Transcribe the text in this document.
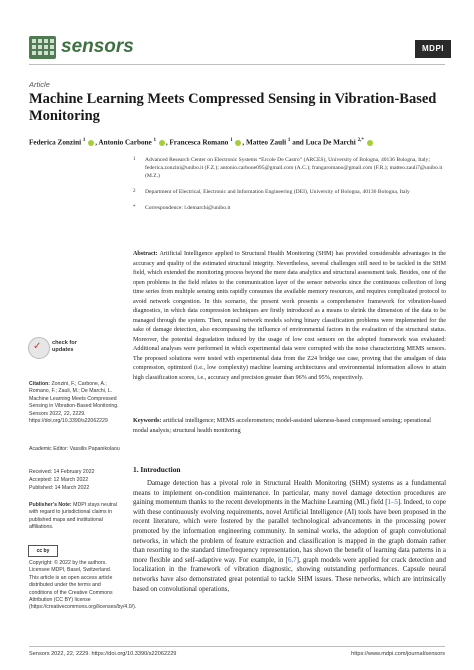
sensors	MDPI
Article
Machine Learning Meets Compressed Sensing in Vibration-Based Monitoring
Federica Zonzini $^1$ , Antonio Carbone $^1$ , Francesca Romano $^1$ , Matteo Zauli $^1$ and Luca De Marchi $^{2,*}$
1	Advanced Research Center on Electronic Systems “Ercole De Castro” (ARCES), University of Bologna, 40136 Bologna, Italy; federica.zonzini@unibo.it (F.Z.); antonio.carbone095@gmail.com (A.C.); frangaromano@gmail.com (F.R.); matteo.zauli7@unibo.it (M.Z.)
2	Department of Electrical, Electronic and Information Engineering (DEI), University of Bologna, 40136 Bologna, Italy
*	Correspondence: l.demarchi@unibo.it
✓ check for updates
Citation: Zonzini, F.; Carbone, A.; Romano, F.; Zauli, M.; De Marchi, L. Machine Learning Meets Compressed Sensing in Vibration-Based Monitoring. Sensors 2022, 22, 2229. https://doi.org/10.3390/s22062229
Academic Editor: Vassilis Papanikolaou
Received: 14 February 2022
Accepted: 12 March 2022
Published: 14 March 2022
Publisher’s Note: MDPI stays neutral with regard to jurisdictional claims in published maps and institutional affiliations.
cc by
Copyright: © 2022 by the authors. Licensee MDPI, Basel, Switzerland. This article is an open access article distributed under the terms and conditions of the Creative Commons Attribution (CC BY) license (https://creativecommons.org/licenses/by/4.0/).
Abstract: Artificial Intelligence applied to Structural Health Monitoring (SHM) has provided considerable advantages in the accuracy and quality of the estimated structural integrity. Nevertheless, several challenges still need to be tackled in the SHM field, which extended the monitoring process beyond the mere data analytics and structural assessment task. Besides, one of the open problems in the field relates to the communication layer of the sensor networks since the continuous collection of long time series from multiple sensing units rapidly consumes the available memory resources, and requires complicated protocol to avoid network congestion. In this scenario, the present work presents a comprehensive framework for vibration-based diagnostics, in which data compression techniques are firstly introduced as a means to shrink the dimension of the data to be managed through the system. Then, neural network models solving binary classification problems were implemented for the sake of damage detection, also encompassing the influence of environmental factors in the evaluation of the structural status. Moreover, the potential degradation induced by the usage of low cost sensors on the adopted framework was evaluated: Additional analyses were performed in which experimental data were corrupted with the noise characterizing MEMS sensors. The proposed solutions were tested with experimental data from the Z24 bridge use case, proving that the amalgam of data compression, optimized (i.e., low complexity) machine learning architectures and environmental information allows to attain high classification scores, i.e., accuracy and precision greater than 96% and 95%, respectively.
Keywords: artificial intelligence; MEMS accelerometers; model-assisted takeness-based compressed sensing; operational modal analysis; structural health monitoring
1. Introduction
Damage detection has a pivotal role in Structural Health Monitoring (SHM) systems as a fundamental means to implement on-condition maintenance. In particular, many novel damage detection procedures are gaining momentum thanks to the recent developments in the Machine Learning (ML) field [1–5]. Indeed, to cope with these continuously evolving requirements, novel Artificial Intelligence (AI) tools have been proposed in the recent literature, which were fostered by the parallel technological advancements in the processing power promoted by the information engineering community. In seminal works, the adoption of graph convolutional networks, in which the problem of feature extraction and classification is mapped in the graph domain rather than resorting to the standard time/frequency representation, has shown the benefit of learning data patterns in a more flexible and self–adaptive way. For example, in [6,7], graph models were applied for crack detection and localization in the framework of vibration diagnostic, showing outstanding performances. Capsule neural networks have also demonstrated great potential to tackle SHM issues. These networks, which are intrinsically based on convolutional operations,
Sensors 2022, 22, 2229. https://doi.org/10.3390/s22062229	https://www.mdpi.com/journal/sensors
